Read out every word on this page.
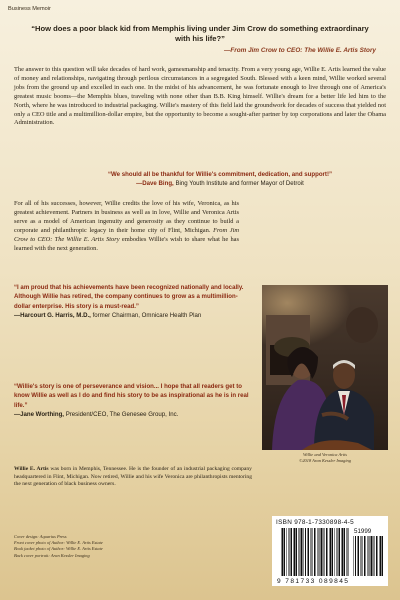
Business Memoir
“How does a poor black kid from Memphis living under Jim Crow do something extraordinary with his life?”
—From Jim Crow to CEO: The Willie E. Artis Story
The answer to this question will take decades of hard work, gamesmanship and tenacity. From a very young age, Willie E. Artis learned the value of money and relationships, navigating through perilous circumstances in a segregated South. Blessed with a keen mind, Willie worked several jobs from the ground up and excelled in each one. In the midst of his advancement, he was fortunate enough to live through one of America's greatest music booms—the Memphis blues, traveling with none other than B.B. King himself. Willie's dream for a better life led him to the North, where he was introduced to industrial packaging. Willie's mastery of this field laid the groundwork for decades of success that yielded not only a CEO title and a multimillion-dollar empire, but the opportunity to become a sought-after partner by top corporations and later the Obama Administration.
“We should all be thankful for Willie's commitment, dedication, and support!”
—Dave Bing, Bing Youth Institute and former Mayor of Detroit
For all of his successes, however, Willie credits the love of his wife, Veronica, as his greatest achievement. Partners in business as well as in love, Willie and Veronica Artis serve as a model of American ingenuity and generosity as they continue to build a corporate and philanthropic legacy in their home city of Flint, Michigan. From Jim Crow to CEO: The Willie E. Artis Story embodies Willie's wish to share what he has learned with the next generation.
Willie and Veronica Artis
©2018 Aran Kessler Imaging
“I am proud that his achievements have been recognized nationally and locally. Although Willie has retired, the company continues to grow as a multimillion-dollar enterprise. His story is a must-read.”
—Harcourt G. Harris, M.D., former Chairman, Omnicare Health Plan
“Willie's story is one of perseverance and vision... I hope that all readers get to know Willie as well as I do and find his story to be as inspirational as he is in real life.”
—Jane Worthing, President/CEO, The Genesee Group, Inc.
Willie E. Artis was born in Memphis, Tennessee. He is the founder of an industrial packaging company headquartered in Flint, Michigan. Now retired, Willie and his wife Veronica are philanthropists mentoring the next generation of black business owners.
Cover design: Aquarius Press
Front cover photo of Author: Willie E. Artis Estate
Book jacket photo of Author: Willie E. Artis Estate
Back cover portrait: Aran Kessler Imaging
ISBN 978-1-7330898-4-5
51999
9 781733 089845
